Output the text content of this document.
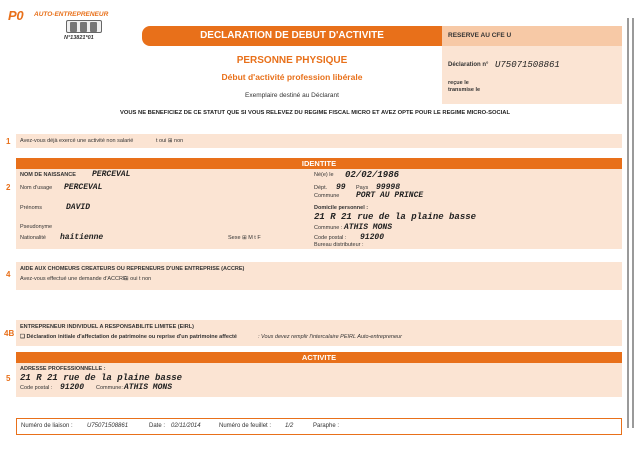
P0 AUTO-ENTREPRENEUR
N°13821*01	DECLARATION DE DEBUT D'ACTIVITE	RESERVE AU CFE U
Déclaration n° U75071508861
reçue le
transmise le
PERSONNE PHYSIQUE
Début d'activité profession libérale
Exemplaire destiné au Déclarant
VOUS NE BENEFICIEZ DE CE STATUT QUE SI VOUS RELEVEZ DU REGIME FISCAL MICRO ET AVEZ OPTE POUR LE REGIME MICRO-SOCIAL
1 Avez-vous déjà exercé une activité non salarié	t oui ⊞ non
IDENTITE
2
NOM DE NAISSANCE PERCEVAL	Né(e) le 02/02/1986
Nom d'usage PERCEVAL	Dépt. 99 Pays 99998
Commune PORT AU PRINCE
Prénoms	DAVID	Domicile personnel :
21 R 21 rue de la plaine basse
Pseudonyme	Commune : ATHIS MONS
Nationalité haitienne	Sexe ⊞ M t F	Code postal : 91200
Bureau distributeur :
4
AIDE AUX CHOMEURS CREATEURS OU REPRENEURS D'UNE ENTREPRISE (ACCRE)
Avez-vous effectué une demande d'ACCRE
⊞ oui t non
4B
ENTREPRENEUR INDIVIDUEL A RESPONSABILITE LIMITEE (EIRL)
❑ Déclaration initiale d'affectation de patrimoine ou reprise d'un patrimoine affecté	: Vous devez remplir l'intercalaire PEIRL Auto-entrepreneur
ACTIVITE
5
ADRESSE PROFESSIONNELLE :
21 R 21 rue de la plaine basse
Code postal : 91200 Commune: ATHIS MONS
Numéro de liaison : U75071508861	Date : 02/11/2014	Numéro de feuillet : 1/2	Paraphe :
